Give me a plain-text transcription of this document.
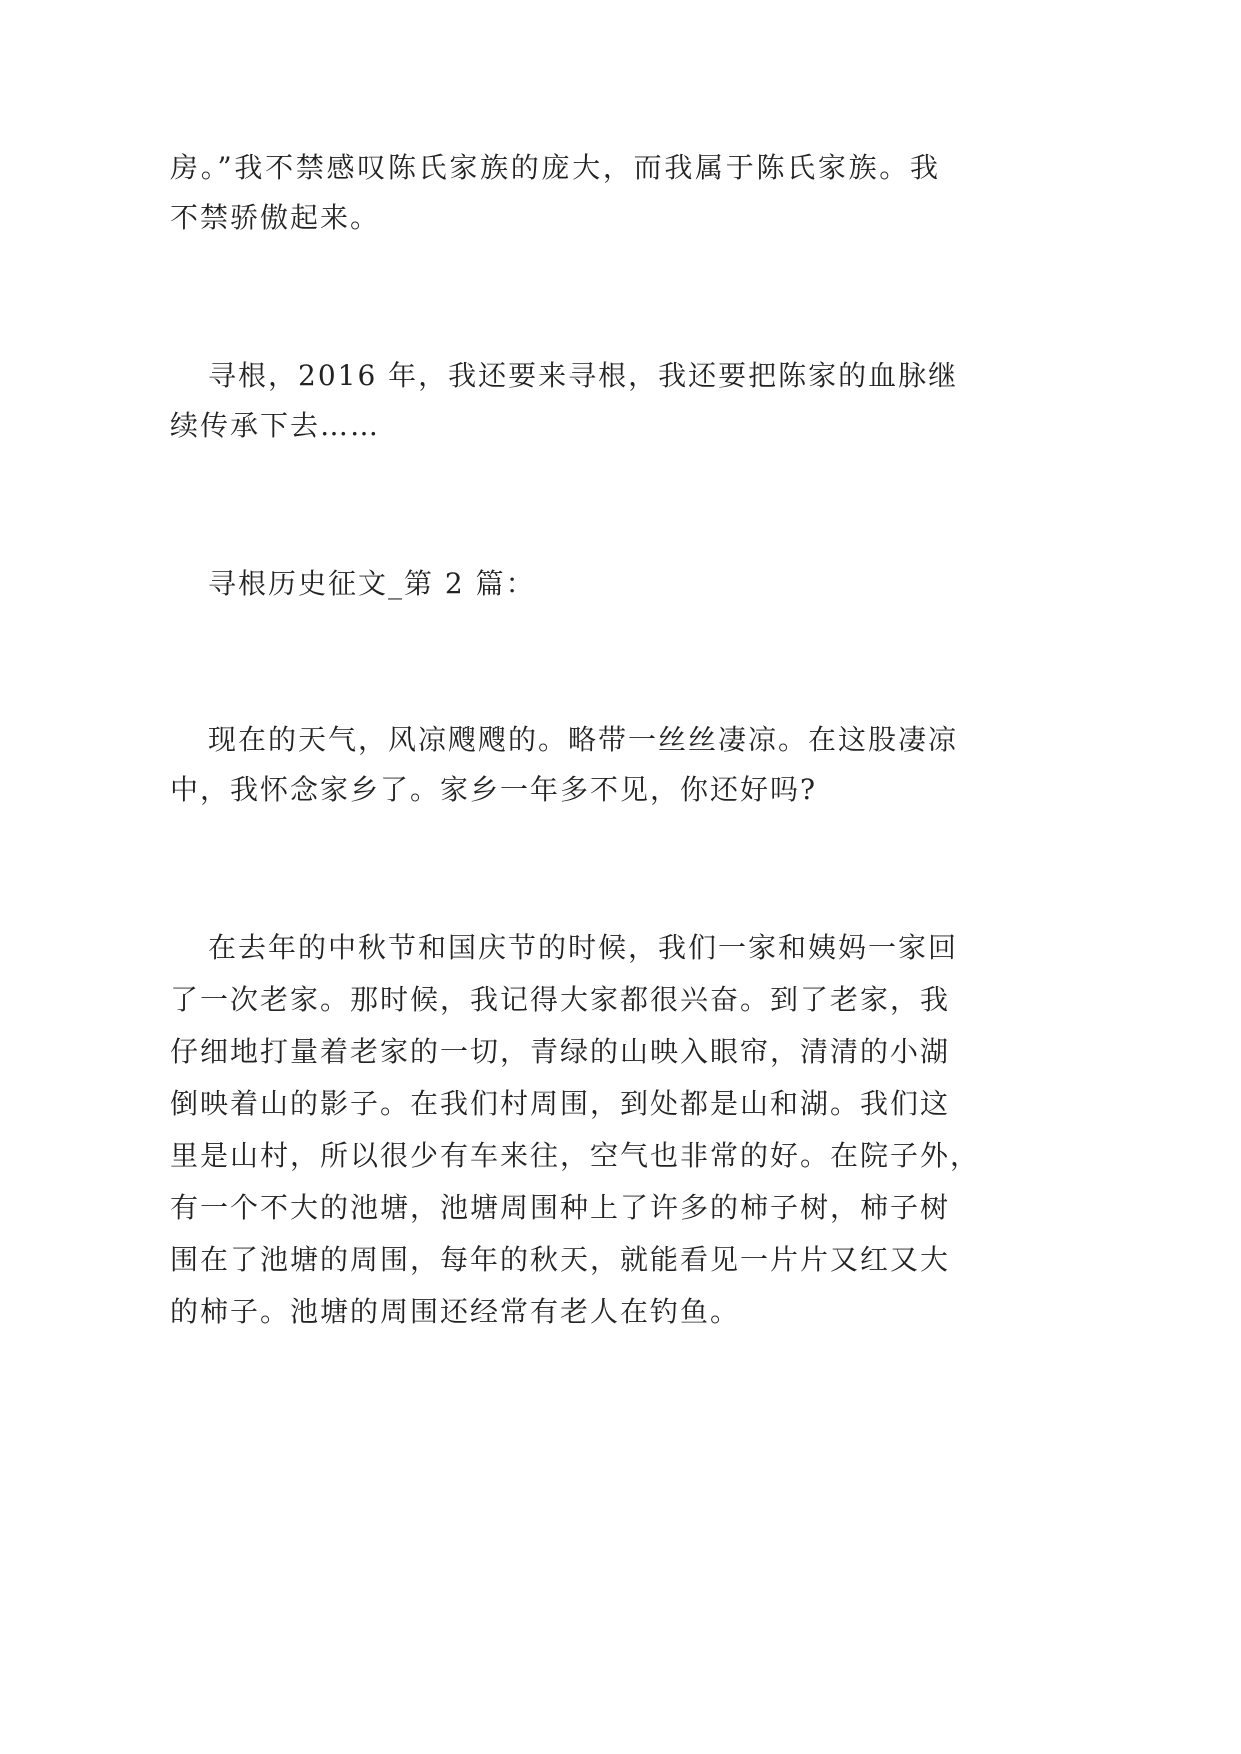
房。”我不禁感叹陈氏家族的庞大，而我属于陈氏家族。我

不禁骄傲起来。

寻根，2016 年，我还要来寻根，我还要把陈家的血脉继

续传承下去……

寻根历史征文_第 2 篇：

现在的天气，风凉飕飕的。略带一丝丝凄凉。在这股凄凉

中，我怀念家乡了。家乡一年多不见，你还好吗?

在去年的中秋节和国庆节的时候，我们一家和姨妈一家回

了一次老家。那时候，我记得大家都很兴奋。到了老家，我

仔细地打量着老家的一切，青绿的山映入眼帘，清清的小湖

倒映着山的影子。在我们村周围，到处都是山和湖。我们这

里是山村，所以很少有车来往，空气也非常的好。在院子外，

有一个不大的池塘，池塘周围种上了许多的柿子树，柿子树

围在了池塘的周围，每年的秋天，就能看见一片片又红又大

的柿子。池塘的周围还经常有老人在钓鱼。
